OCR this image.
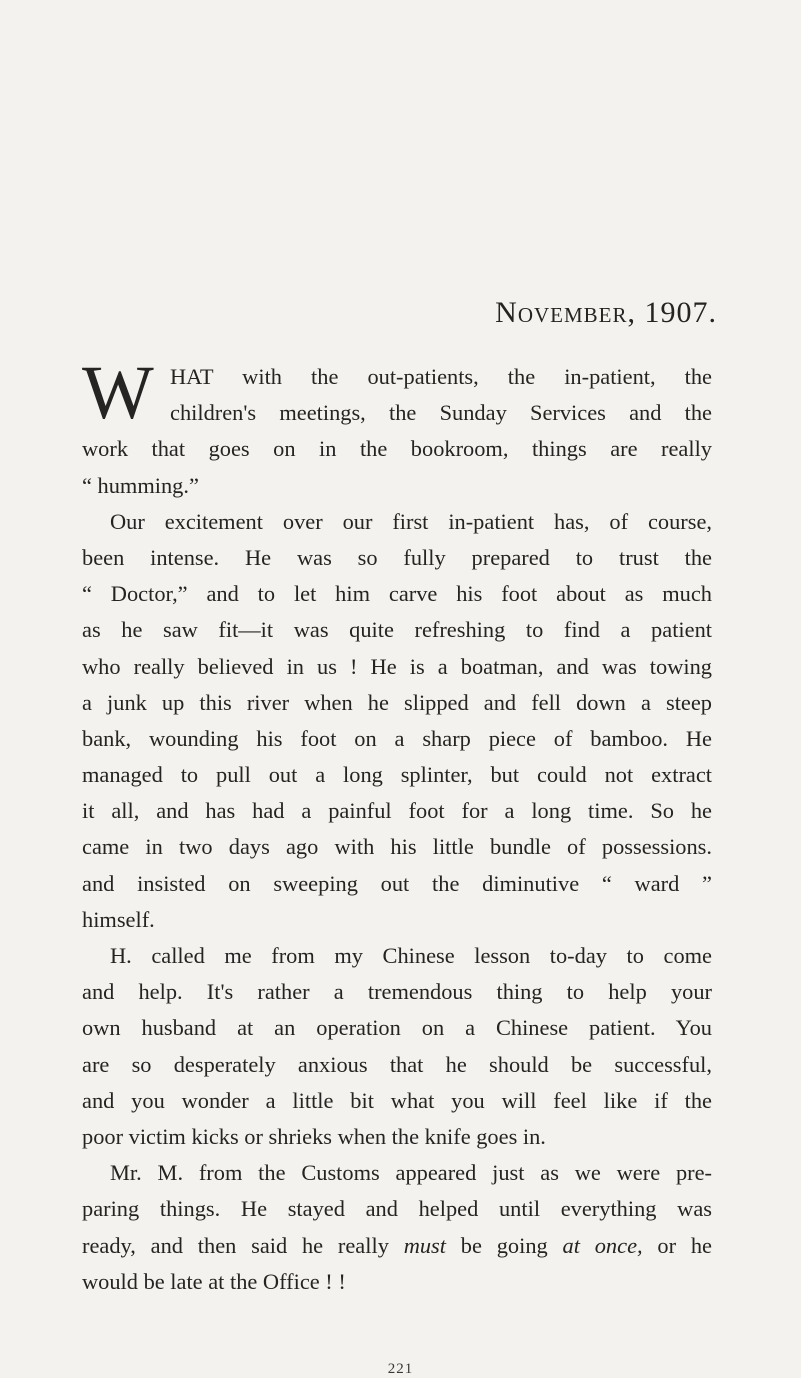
November, 1907.
W HAT with the out-patients, the in-patient, the
children's meetings, the Sunday Services and the
work that goes on in the bookroom, things are really
“ humming.”
Our excitement over our first in-patient has, of course,
been intense. He was so fully prepared to trust the
“ Doctor,” and to let him carve his foot about as much
as he saw fit—it was quite refreshing to find a patient
who really believed in us ! He is a boatman, and was towing
a junk up this river when he slipped and fell down a steep
bank, wounding his foot on a sharp piece of bamboo. He
managed to pull out a long splinter, but could not extract
it all, and has had a painful foot for a long time. So he
came in two days ago with his little bundle of possessions.
and insisted on sweeping out the diminutive “ ward ”
himself.
H. called me from my Chinese lesson to-day to come
and help. It's rather a tremendous thing to help your
own husband at an operation on a Chinese patient. You
are so desperately anxious that he should be successful,
and you wonder a little bit what you will feel like if the
poor victim kicks or shrieks when the knife goes in.
Mr. M. from the Customs appeared just as we were pre-
paring things. He stayed and helped until everything was
ready, and then said he really must be going at once, or he
would be late at the Office ! !
221
